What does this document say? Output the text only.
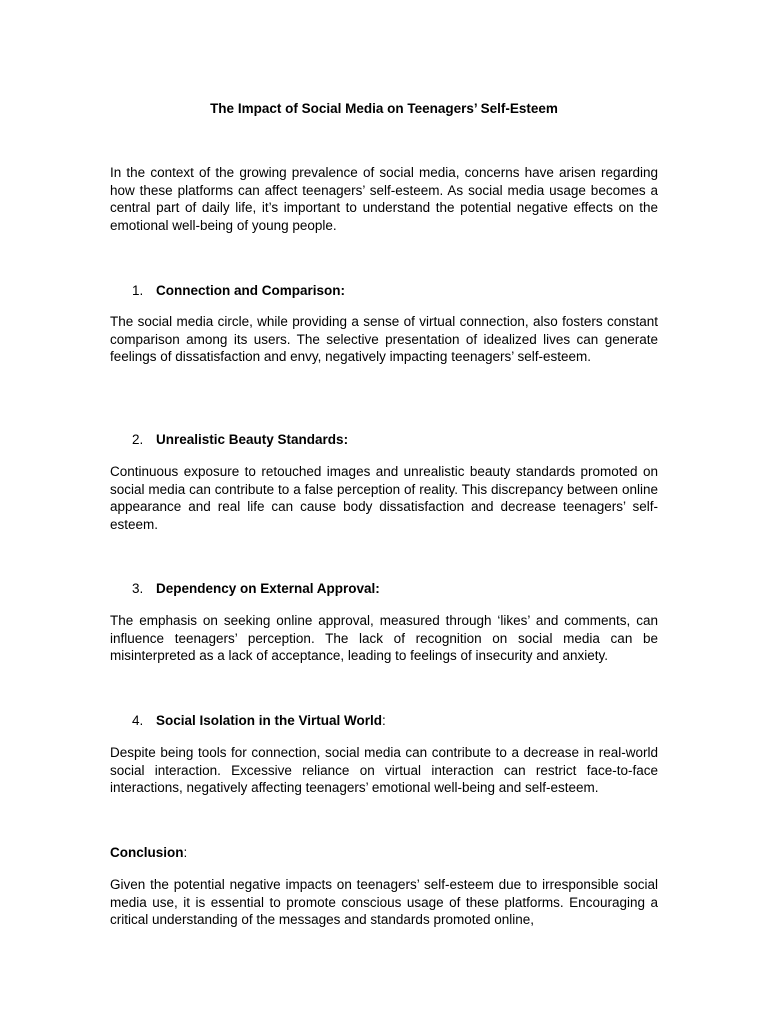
The Impact of Social Media on Teenagers’ Self-Esteem

In the context of the growing prevalence of social media, concerns have arisen regarding how these platforms can affect teenagers’ self-esteem. As social media usage becomes a central part of daily life, it’s important to understand the potential negative effects on the emotional well-being of young people.

1. Connection and Comparison:

The social media circle, while providing a sense of virtual connection, also fosters constant comparison among its users. The selective presentation of idealized lives can generate feelings of dissatisfaction and envy, negatively impacting teenagers’ self-esteem.

2. Unrealistic Beauty Standards:

Continuous exposure to retouched images and unrealistic beauty standards promoted on social media can contribute to a false perception of reality. This discrepancy between online appearance and real life can cause body dissatisfaction and decrease teenagers’ self-esteem.

3. Dependency on External Approval:

The emphasis on seeking online approval, measured through ‘likes’ and comments, can influence teenagers’ perception. The lack of recognition on social media can be misinterpreted as a lack of acceptance, leading to feelings of insecurity and anxiety.

4. Social Isolation in the Virtual World:

Despite being tools for connection, social media can contribute to a decrease in real-world social interaction. Excessive reliance on virtual interaction can restrict face-to-face interactions, negatively affecting teenagers’ emotional well-being and self-esteem.

Conclusion:

Given the potential negative impacts on teenagers’ self-esteem due to irresponsible social media use, it is essential to promote conscious usage of these platforms. Encouraging a critical understanding of the messages and standards promoted online,
